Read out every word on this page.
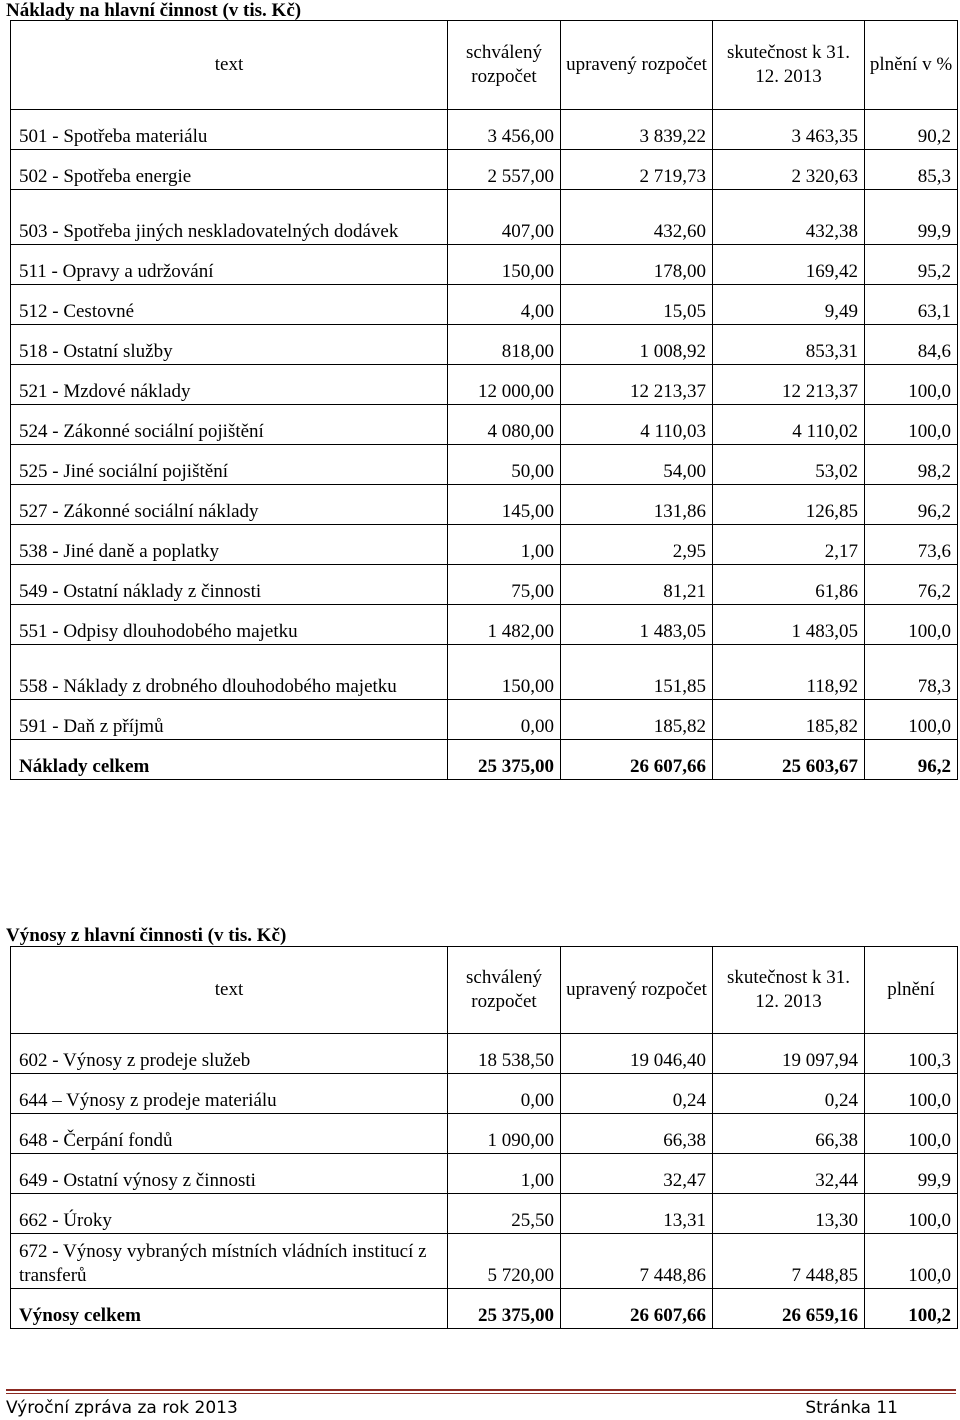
Náklady na hlavní činnost (v tis. Kč)
text	schválený rozpočet	upravený rozpočet	skutečnost k 31. 12. 2013	plnění v %
501 - Spotřeba materiálu	3 456,00	3 839,22	3 463,35	90,2
502 - Spotřeba energie	2 557,00	2 719,73	2 320,63	85,3
503 - Spotřeba jiných neskladovatelných dodávek	407,00	432,60	432,38	99,9
511 - Opravy a udržování	150,00	178,00	169,42	95,2
512 - Cestovné	4,00	15,05	9,49	63,1
518 - Ostatní služby	818,00	1 008,92	853,31	84,6
521 - Mzdové náklady	12 000,00	12 213,37	12 213,37	100,0
524 - Zákonné sociální pojištění	4 080,00	4 110,03	4 110,02	100,0
525 - Jiné sociální pojištění	50,00	54,00	53,02	98,2
527 - Zákonné sociální náklady	145,00	131,86	126,85	96,2
538 - Jiné daně a poplatky	1,00	2,95	2,17	73,6
549 - Ostatní náklady z činnosti	75,00	81,21	61,86	76,2
551 - Odpisy dlouhodobého majetku	1 482,00	1 483,05	1 483,05	100,0
558 - Náklady z drobného dlouhodobého majetku	150,00	151,85	118,92	78,3
591 - Daň z příjmů	0,00	185,82	185,82	100,0
Náklady celkem	25 375,00	26 607,66	25 603,67	96,2
Výnosy z hlavní činnosti (v tis. Kč)
text	schválený rozpočet	upravený rozpočet	skutečnost k 31. 12. 2013	plnění
602 - Výnosy z prodeje služeb	18 538,50	19 046,40	19 097,94	100,3
644 – Výnosy z prodeje materiálu	0,00	0,24	0,24	100,0
648 - Čerpání fondů	1 090,00	66,38	66,38	100,0
649 - Ostatní výnosy z činnosti	1,00	32,47	32,44	99,9
662 - Úroky	25,50	13,31	13,30	100,0
672 - Výnosy vybraných místních vládních institucí z transferů	5 720,00	7 448,86	7 448,85	100,0
Výnosy celkem	25 375,00	26 607,66	26 659,16	100,2
Výroční zpráva za rok 2013	Stránka 11
